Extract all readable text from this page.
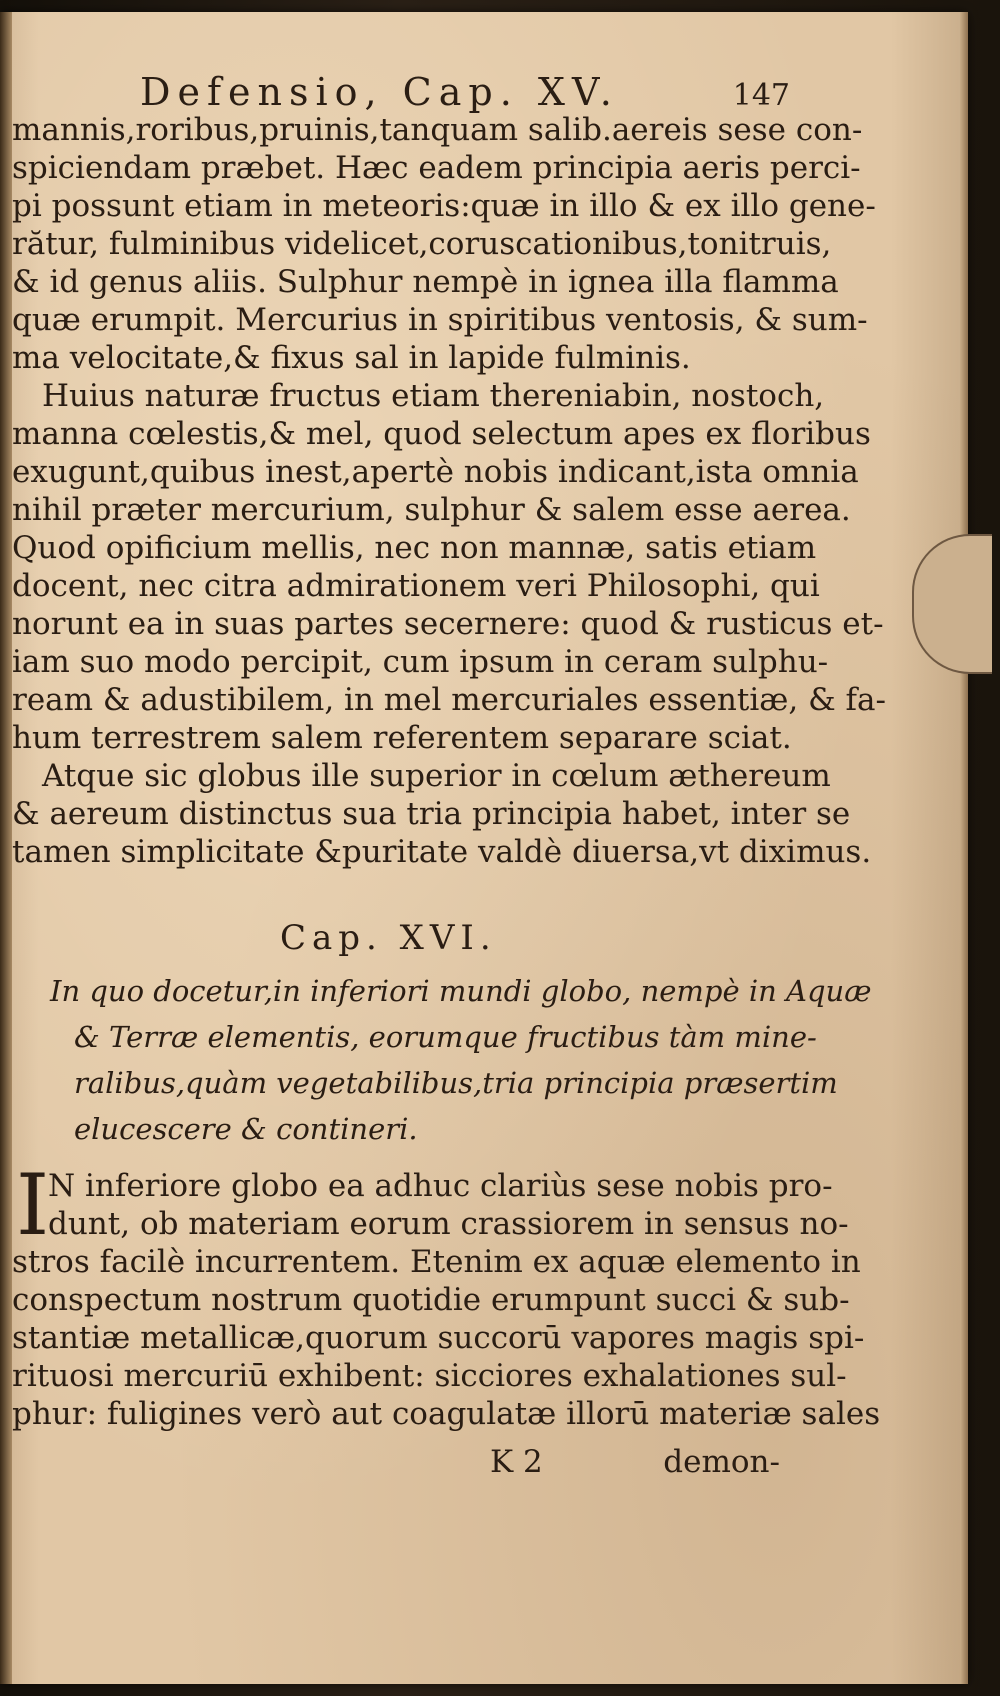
Defensio, Cap. XV.	147
mannis,roribus,pruinis,tanquam salib.aereis sese con-
spiciendam præbet. Hæc eadem principia aeris perci-
pi possunt etiam in meteoris:quæ in illo & ex illo gene-
rătur, fulminibus videlicet,coruscationibus,tonitruis,
& id genus aliis. Sulphur nempè in ignea illa flamma
quæ erumpit. Mercurius in spiritibus ventosis, & sum-
ma velocitate,& fixus sal in lapide fulminis.
Huius naturæ fructus etiam thereniabin, nostoch,
manna cœlestis,& mel, quod selectum apes ex floribus
exugunt,quibus inest,apertè nobis indicant,ista omnia
nihil præter mercurium, sulphur & salem esse aerea.
Quod opificium mellis, nec non mannæ, satis etiam
docent, nec citra admirationem veri Philosophi, qui
norunt ea in suas partes secernere: quod & rusticus et-
iam suo modo percipit, cum ipsum in ceram sulphu-
ream & adustibilem, in mel mercuriales essentiæ, & fa-
hum terrestrem salem referentem separare sciat.
Atque sic globus ille superior in cœlum æthereum
& aereum distinctus sua tria principia habet, inter se
tamen simplicitate &puritate valdè diuersa,vt diximus.
Cap. XVI.
In quo docetur,in inferiori mundi globo, nempè in Aquæ
& Terræ elementis, eorumque fructibus tàm mine-
ralibus,quàm vegetabilibus,tria principia præsertim
elucescere & contineri.
I
N inferiore globo ea adhuc clariùs sese nobis pro-
dunt, ob materiam eorum crassiorem in sensus no-
stros facilè incurrentem. Etenim ex aquæ elemento in
conspectum nostrum quotidie erumpunt succi & sub-
stantiæ metallicæ,quorum succorū vapores magis spi-
rituosi mercuriū exhibent: sicciores exhalationes sul-
phur: fuligines verò aut coagulatæ illorū materiæ sales
K 2	demon-
